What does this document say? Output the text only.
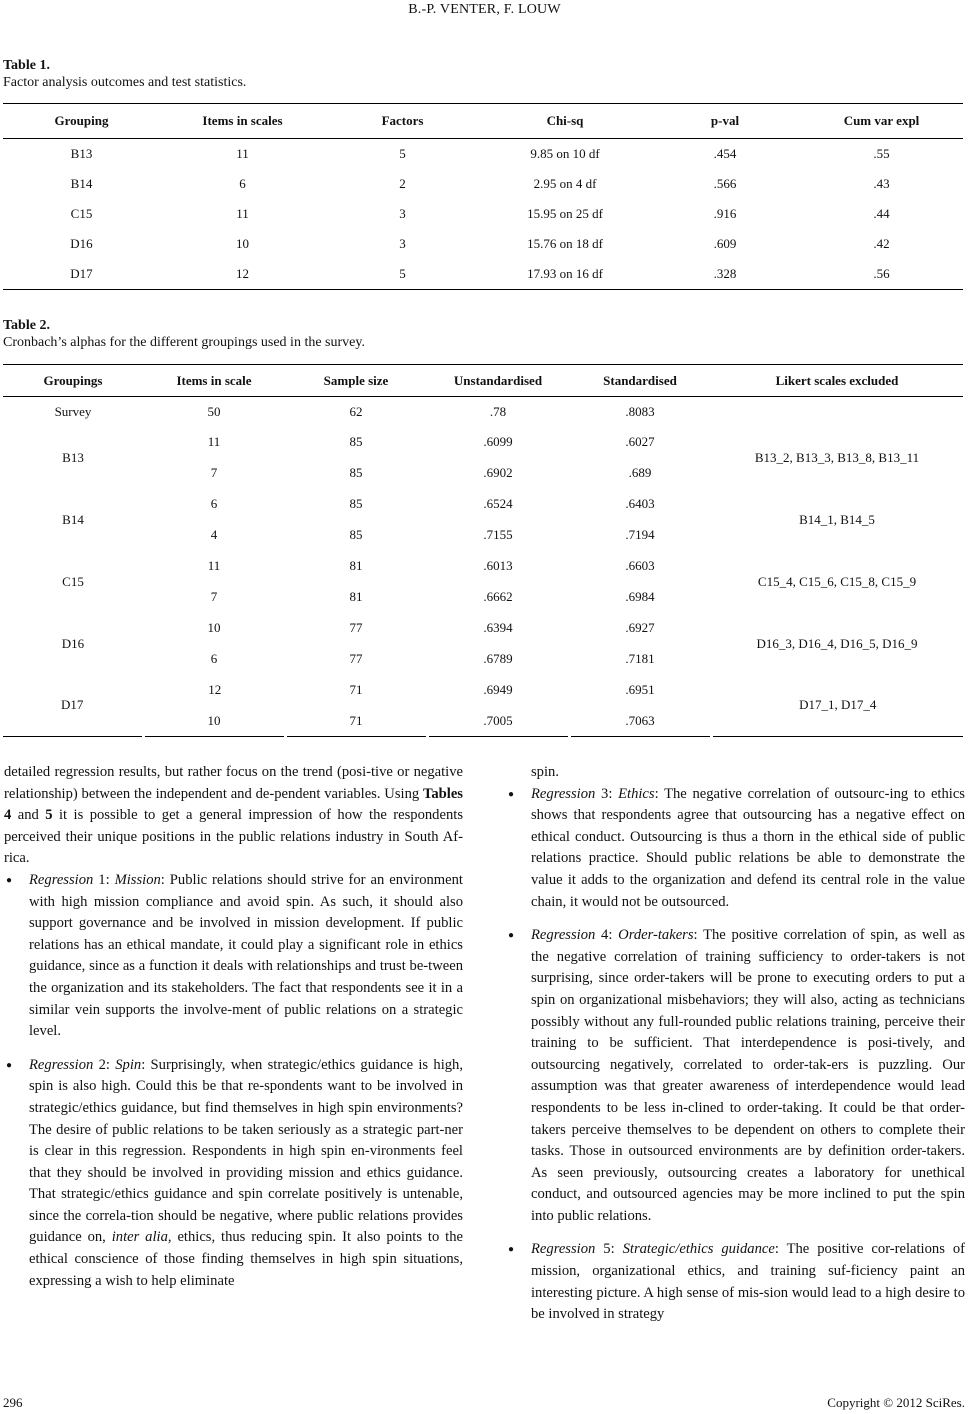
B.-P. VENTER, F. LOUW
Table 1.
Factor analysis outcomes and test statistics.
Grouping	Items in scales	Factors	Chi-sq	p-val	Cum var expl
B13	11	5	9.85 on 10 df	.454	.55
B14	6	2	2.95 on 4 df	.566	.43
C15	11	3	15.95 on 25 df	.916	.44
D16	10	3	15.76 on 18 df	.609	.42
D17	12	5	17.93 on 16 df	.328	.56
Table 2.
Cronbach’s alphas for the different groupings used in the survey.
Groupings	Items in scale	Sample size	Unstandardised	Standardised	Likert scales excluded
Survey	50	62	.78	.8083	
B13	11	85	.6099	.6027	B13_2, B13_3, B13_8, B13_11
	7	85	.6902	.689	
B14	6	85	.6524	.6403	B14_1, B14_5
	4	85	.7155	.7194	
C15	11	81	.6013	.6603	C15_4, C15_6, C15_8, C15_9
	7	81	.6662	.6984	
D16	10	77	.6394	.6927	D16_3, D16_4, D16_5, D16_9
	6	77	.6789	.7181	
D17	12	71	.6949	.6951	D17_1, D17_4
	10	71	.7005	.7063	

detailed regression results, but rather focus on the trend (posi-tive or negative relationship) between the independent and de-pendent variables. Using Tables 4 and 5 it is possible to get a general impression of how the respondents perceived their unique positions in the public relations industry in South Af-rica.

● Regression 1: Mission: Public relations should strive for an environment with high mission compliance and avoid spin. As such, it should also support governance and be involved in mission development. If public relations has an ethical mandate, it could play a significant role in ethics guidance, since as a function it deals with relationships and trust be-tween the organization and its stakeholders. The fact that respondents see it in a similar vein supports the involve-ment of public relations on a strategic level.
● Regression 2: Spin: Surprisingly, when strategic/ethics guidance is high, spin is also high. Could this be that re-spondents want to be involved in strategic/ethics guidance, but find themselves in high spin environments? The desire of public relations to be taken seriously as a strategic part-ner is clear in this regression. Respondents in high spin en-vironments feel that they should be involved in providing mission and ethics guidance. That strategic/ethics guidance and spin correlate positively is untenable, since the correla-tion should be negative, where public relations provides guidance on, inter alia, ethics, thus reducing spin. It also points to the ethical conscience of those finding themselves in high spin situations, expressing a wish to help eliminate
spin.
● Regression 3: Ethics: The negative correlation of outsourc-ing to ethics shows that respondents agree that outsourcing has a negative effect on ethical conduct. Outsourcing is thus a thorn in the ethical side of public relations practice. Should public relations be able to demonstrate the value it adds to the organization and defend its central role in the value chain, it would not be outsourced.
● Regression 4: Order-takers: The positive correlation of spin, as well as the negative correlation of training sufficiency to order-takers is not surprising, since order-takers will be prone to executing orders to put a spin on organizational misbehaviors; they will also, acting as technicians possibly without any full-rounded public relations training, perceive their training to be sufficient. That interdependence is posi-tively, and outsourcing negatively, correlated to order-tak-ers is puzzling. Our assumption was that greater awareness of interdependence would lead respondents to be less in-clined to order-taking. It could be that order-takers perceive themselves to be dependent on others to complete their tasks. Those in outsourced environments are by definition order-takers. As seen previously, outsourcing creates a laboratory for unethical conduct, and outsourced agencies may be more inclined to put the spin into public relations.
● Regression 5: Strategic/ethics guidance: The positive cor-relations of mission, organizational ethics, and training suf-ficiency paint an interesting picture. A high sense of mis-sion would lead to a high desire to be involved in strategy
296	Copyright © 2012 SciRes.
